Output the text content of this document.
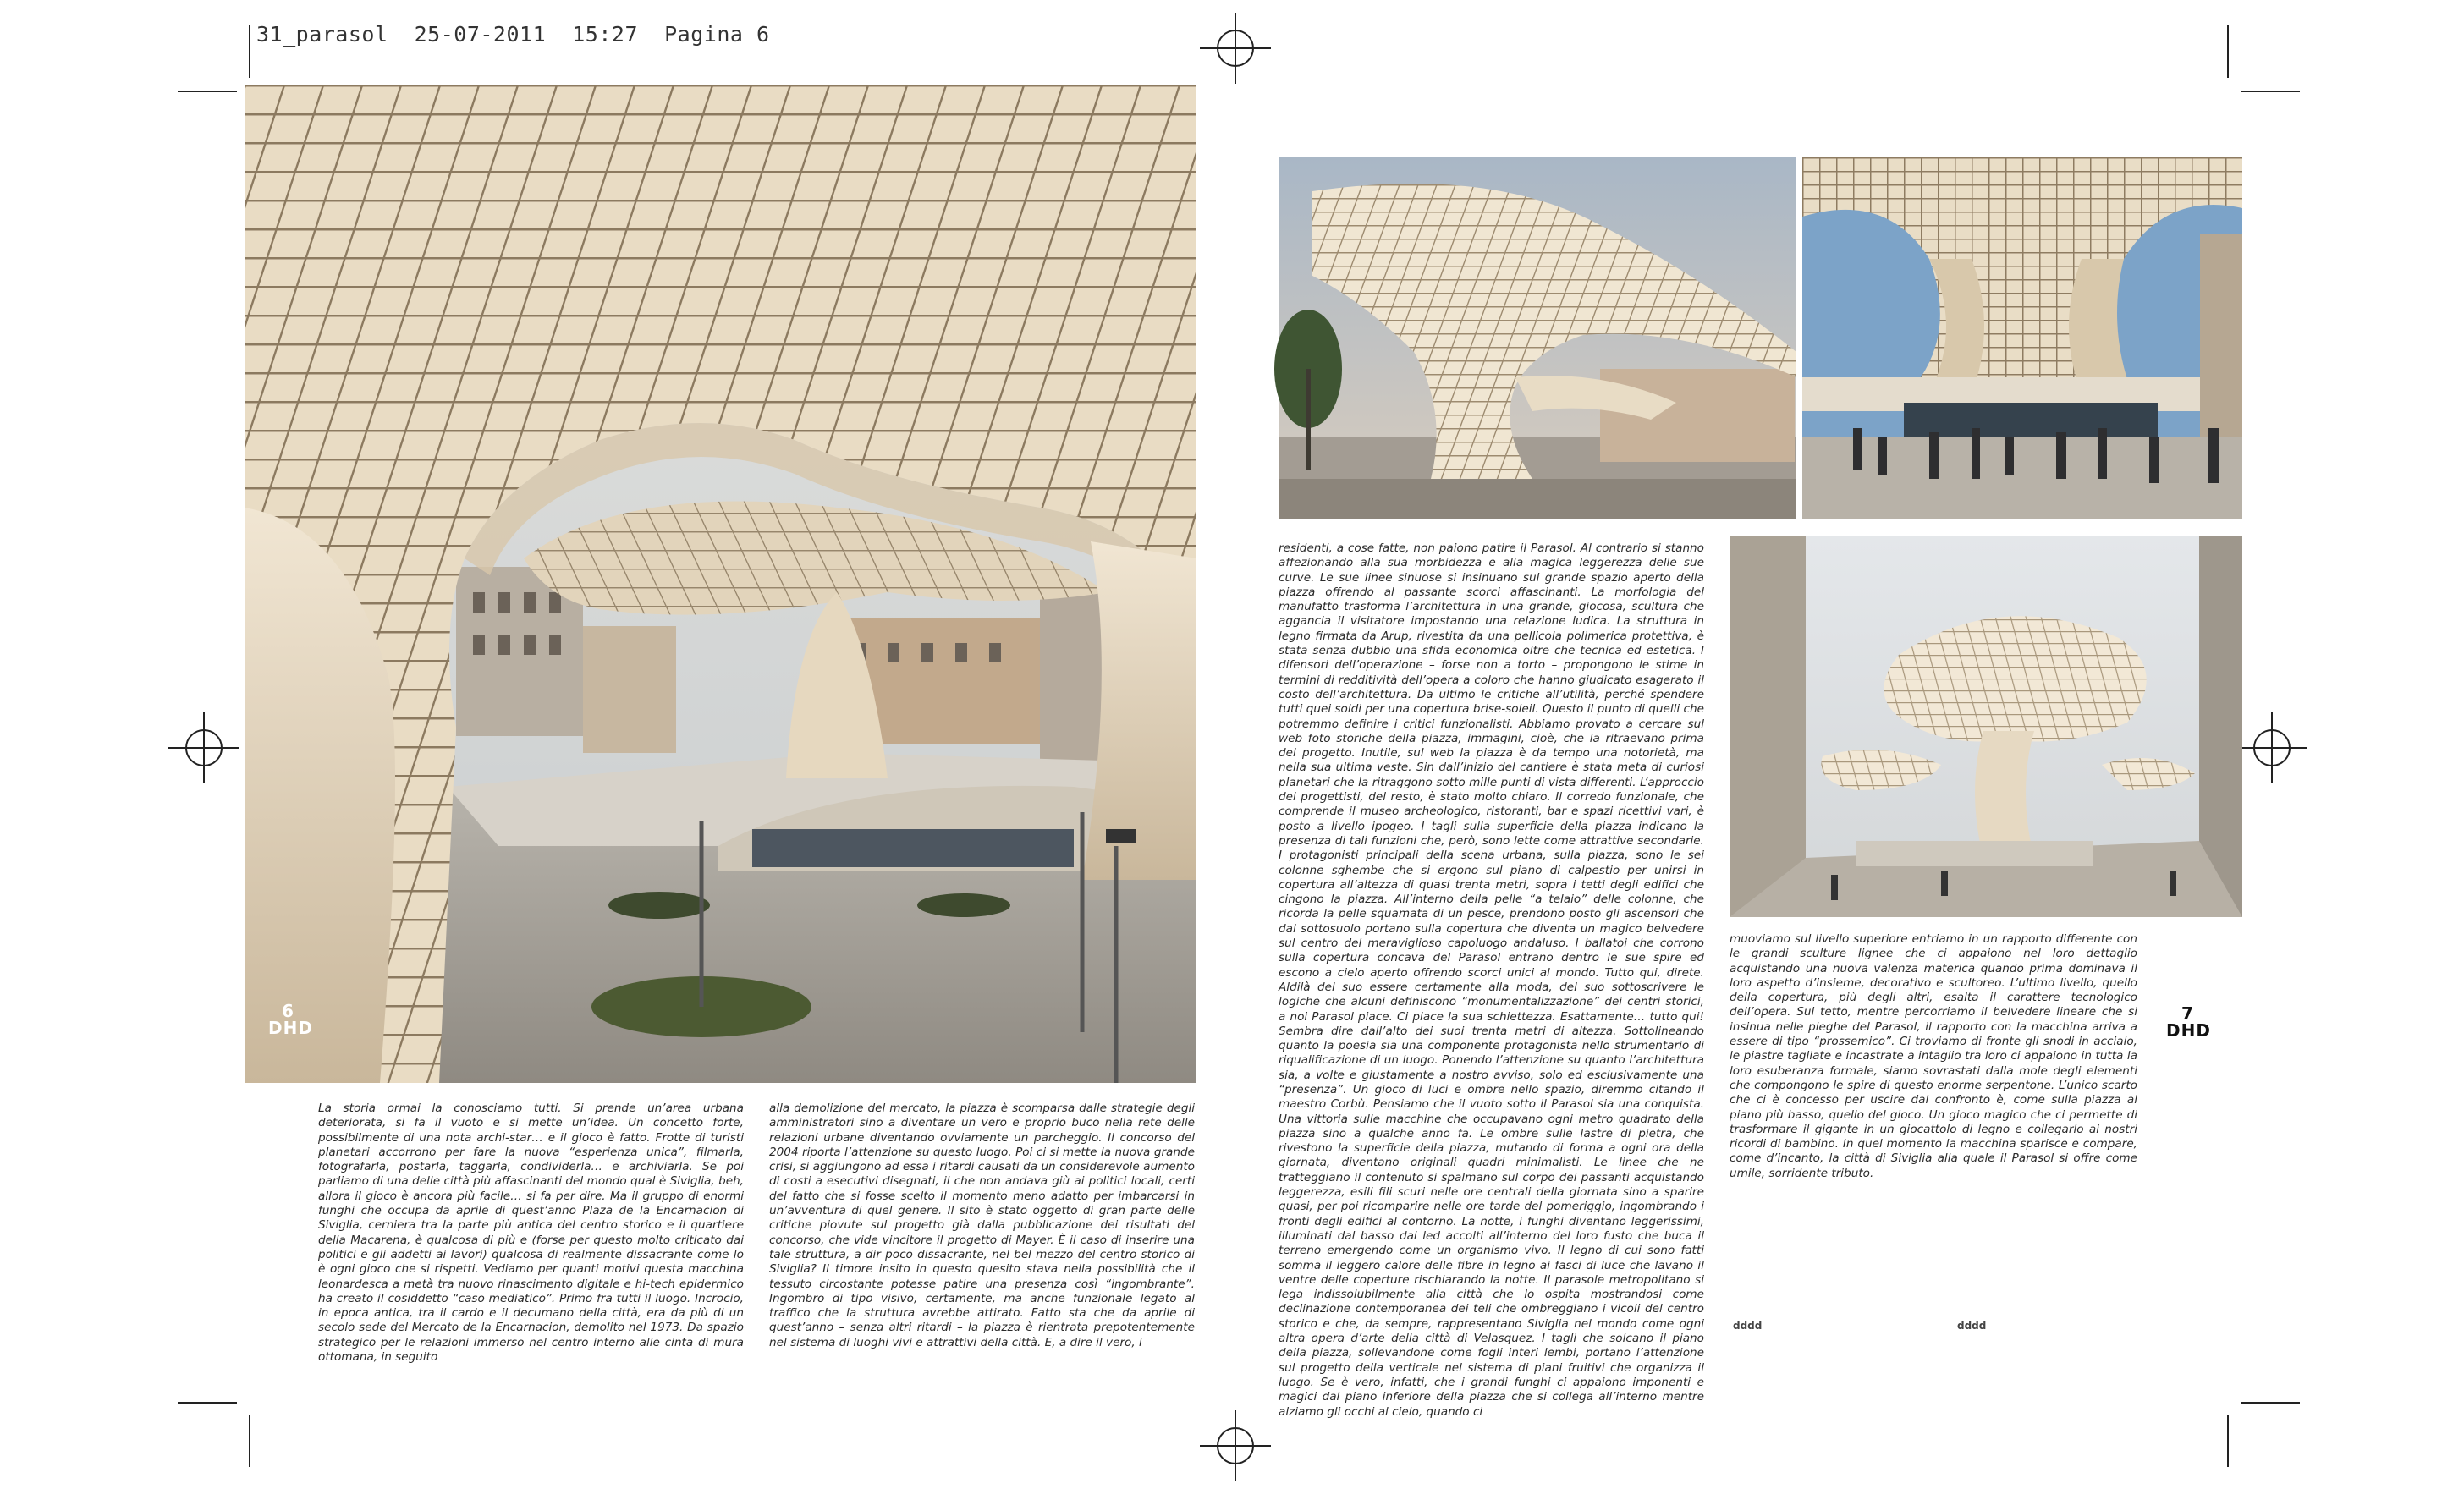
31_parasol 25-07-2011 15:27 Pagina 6
6
DHD
7
DHD
La storia ormai la conosciamo tutti. Si prende un’area urbana deteriorata, si fa il vuoto e si mette un’idea. Un concetto forte, possibilmente di una nota archi-star… e il gioco è fatto. Frotte di turisti planetari accorrono per fare la nuova “esperienza unica”, filmarla, fotografarla, postarla, taggarla, condividerla… e archiviarla. Se poi parliamo di una delle città più affascinanti del mondo qual è Siviglia, beh, allora il gioco è ancora più facile… si fa per dire. Ma il gruppo di enormi funghi che occupa da aprile di quest’anno Plaza de la Encarnacion di Siviglia, cerniera tra la parte più antica del centro storico e il quartiere della Macarena, è qualcosa di più e (forse per questo molto criticato dai politici e gli addetti ai lavori) qualcosa di realmente dissacrante come lo è ogni gioco che si rispetti. Vediamo per quanti motivi questa macchina leonardesca a metà tra nuovo rinascimento digitale e hi-tech epidermico ha creato il cosiddetto “caso mediatico”. Primo fra tutti il luogo. Incrocio, in epoca antica, tra il cardo e il decumano della città, era da più di un secolo sede del Mercato de la Encarnacion, demolito nel 1973. Da spazio strategico per le relazioni immerso nel centro interno alle cinta di mura ottomana, in seguito
alla demolizione del mercato, la piazza è scomparsa dalle strategie degli amministratori sino a diventare un vero e proprio buco nella rete delle relazioni urbane diventando ovviamente un parcheggio. Il concorso del 2004 riporta l’attenzione su questo luogo. Poi ci si mette la nuova grande crisi, si aggiungono ad essa i ritardi causati da un considerevole aumento di costi a esecutivi disegnati, il che non andava giù ai politici locali, certi del fatto che si fosse scelto il momento meno adatto per imbarcarsi in un’avventura di quel genere. Il sito è stato oggetto di gran parte delle critiche piovute sul progetto già dalla pubblicazione dei risultati del concorso, che vide vincitore il progetto di Mayer. È il caso di inserire una tale struttura, a dir poco dissacrante, nel bel mezzo del centro storico di Siviglia? Il timore insito in questo quesito stava nella possibilità che il tessuto circostante potesse patire una presenza così “ingombrante”. Ingombro di tipo visivo, certamente, ma anche funzionale legato al traffico che la struttura avrebbe attirato. Fatto sta che da aprile di quest’anno – senza altri ritardi – la piazza è rientrata prepotentemente nel sistema di luoghi vivi e attrattivi della città. E, a dire il vero, i
residenti, a cose fatte, non paiono patire il Parasol. Al contrario si stanno affezionando alla sua morbidezza e alla magica leggerezza delle sue curve. Le sue linee sinuose si insinuano sul grande spazio aperto della piazza offrendo al passante scorci affascinanti. La morfologia del manufatto trasforma l’architettura in una grande, giocosa, scultura che aggancia il visitatore impostando una relazione ludica. La struttura in legno firmata da Arup, rivestita da una pellicola polimerica protettiva, è stata senza dubbio una sfida economica oltre che tecnica ed estetica. I difensori dell’operazione – forse non a torto – propongono le stime in termini di redditività dell’opera a coloro che hanno giudicato esagerato il costo dell’architettura. Da ultimo le critiche all’utilità, perché spendere tutti quei soldi per una copertura brise-soleil. Questo il punto di quelli che potremmo definire i critici funzionalisti. Abbiamo provato a cercare sul web foto storiche della piazza, immagini, cioè, che la ritraevano prima del progetto. Inutile, sul web la piazza è da tempo una notorietà, ma nella sua ultima veste. Sin dall’inizio del cantiere è stata meta di curiosi planetari che la ritraggono sotto mille punti di vista differenti. L’approccio dei progettisti, del resto, è stato molto chiaro. Il corredo funzionale, che comprende il museo archeologico, ristoranti, bar e spazi ricettivi vari, è posto a livello ipogeo. I tagli sulla superficie della piazza indicano la presenza di tali funzioni che, però, sono lette come attrattive secondarie. I protagonisti principali della scena urbana, sulla piazza, sono le sei colonne sghembe che si ergono sul piano di calpestio per unirsi in copertura all’altezza di quasi trenta metri, sopra i tetti degli edifici che cingono la piazza. All’interno della pelle “a telaio” delle colonne, che ricorda la pelle squamata di un pesce, prendono posto gli ascensori che dal sottosuolo portano sulla copertura che diventa un magico belvedere sul centro del meraviglioso capoluogo andaluso. I ballatoi che corrono sulla copertura concava del Parasol entrano dentro le sue spire ed escono a cielo aperto offrendo scorci unici al mondo. Tutto qui, direte. Aldilà del suo essere certamente alla moda, del suo sottoscrivere le logiche che alcuni definiscono “monumentalizzazione” dei centri storici, a noi Parasol piace. Ci piace la sua schiettezza. Esattamente… tutto qui! Sembra dire dall’alto dei suoi trenta metri di altezza. Sottolineando quanto la poesia sia una componente protagonista nello strumentario di riqualificazione di un luogo. Ponendo l’attenzione su quanto l’architettura sia, a volte e giustamente a nostro avviso, solo ed esclusivamente una “presenza”. Un gioco di luci e ombre nello spazio, diremmo citando il maestro Corbù. Pensiamo che il vuoto sotto il Parasol sia una conquista. Una vittoria sulle macchine che occupavano ogni metro quadrato della piazza sino a qualche anno fa. Le ombre sulle lastre di pietra, che rivestono la superficie della piazza, mutando di forma a ogni ora della giornata, diventano originali quadri minimalisti. Le linee che ne tratteggiano il contenuto si spalmano sul corpo dei passanti acquistando leggerezza, esili fili scuri nelle ore centrali della giornata sino a sparire quasi, per poi ricomparire nelle ore tarde del pomeriggio, ingombrando i fronti degli edifici al contorno. La notte, i funghi diventano leggerissimi, illuminati dal basso dai led accolti all’interno del loro fusto che buca il terreno emergendo come un organismo vivo. Il legno di cui sono fatti somma il leggero calore delle fibre in legno ai fasci di luce che lavano il ventre delle coperture rischiarando la notte. Il parasole metropolitano si lega indissolubilmente alla città che lo ospita mostrandosi come declinazione contemporanea dei teli che ombreggiano i vicoli del centro storico e che, da sempre, rappresentano Siviglia nel mondo come ogni altra opera d’arte della città di Velasquez. I tagli che solcano il piano della piazza, sollevandone come fogli interi lembi, portano l’attenzione sul progetto della verticale nel sistema di piani fruitivi che organizza il luogo. Se è vero, infatti, che i grandi funghi ci appaiono imponenti e magici dal piano inferiore della piazza che si collega all’interno mentre alziamo gli occhi al cielo, quando ci
muoviamo sul livello superiore entriamo in un rapporto differente con le grandi sculture lignee che ci appaiono nel loro dettaglio acquistando una nuova valenza materica quando prima dominava il loro aspetto d’insieme, decorativo e scultoreo. L’ultimo livello, quello della copertura, più degli altri, esalta il carattere tecnologico dell’opera. Sul tetto, mentre percorriamo il belvedere lineare che si insinua nelle pieghe del Parasol, il rapporto con la macchina arriva a essere di tipo “prossemico”. Ci troviamo di fronte gli snodi in acciaio, le piastre tagliate e incastrate a intaglio tra loro ci appaiono in tutta la loro esuberanza formale, siamo sovrastati dalla mole degli elementi che compongono le spire di questo enorme serpentone. L’unico scarto che ci è concesso per uscire dal confronto è, come sulla piazza al piano più basso, quello del gioco. Un gioco magico che ci permette di trasformare il gigante in un giocattolo di legno e collegarlo ai nostri ricordi di bambino. In quel momento la macchina sparisce e compare, come d’incanto, la città di Siviglia alla quale il Parasol si offre come umile, sorridente tributo.
dddd	dddd
